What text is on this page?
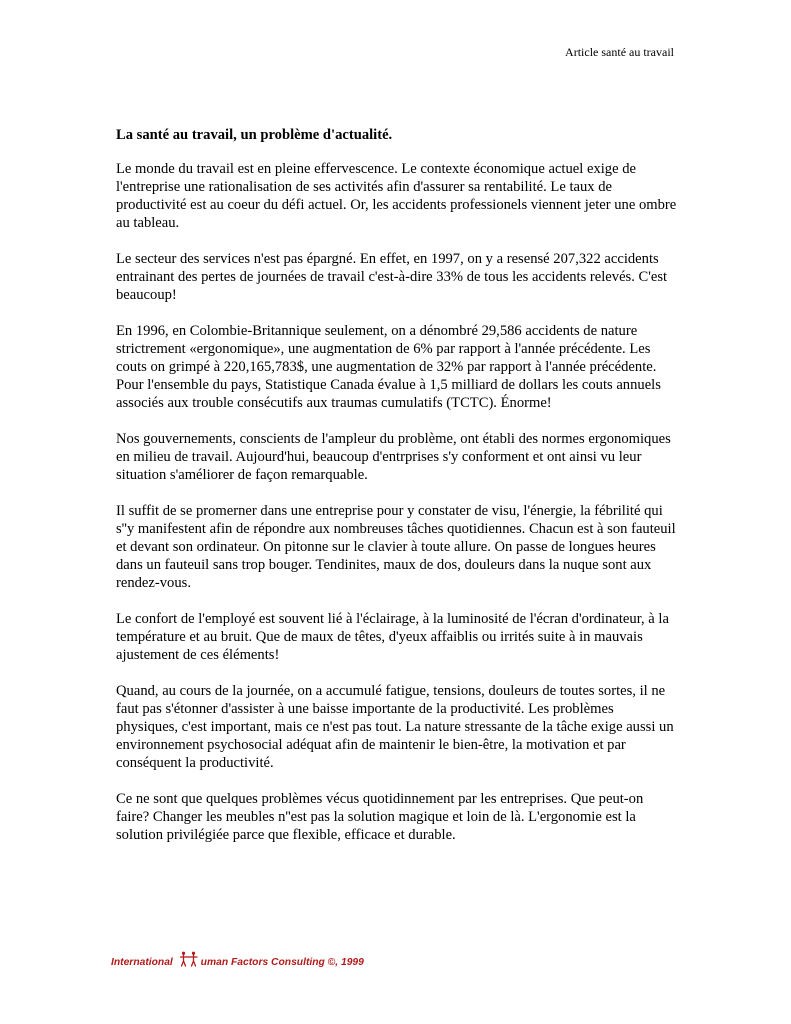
Article santé au travail

La santé au travail, un problème d'actualité.

Le monde du travail est en pleine effervescence. Le contexte économique actuel exige de l'entreprise une rationalisation de ses activités afin d'assurer sa rentabilité. Le taux de productivité est au coeur du défi actuel. Or, les accidents professionels viennent jeter une ombre au tableau.

Le secteur des services n'est pas épargné. En effet, en 1997, on y a resensé 207,322 accidents entrainant des pertes de journées de travail c'est-à-dire 33% de tous les accidents relevés. C'est beaucoup!

En 1996, en Colombie-Britannique seulement, on a dénombré 29,586 accidents de nature strictrement «ergonomique», une augmentation de 6% par rapport à l'année précédente. Les couts on grimpé à 220,165,783$, une augmentation de 32% par rapport à l'année précédente. Pour l'ensemble du pays, Statistique Canada évalue à 1,5 milliard de dollars les couts annuels associés aux trouble consécutifs aux traumas cumulatifs (TCTC). Énorme!

Nos gouvernements, conscients de l'ampleur du problème, ont établi des normes ergonomiques en milieu de travail. Aujourd'hui, beaucoup d'entrprises s'y conforment et ont ainsi vu leur situation s'améliorer de façon remarquable.

Il suffit de se promerner dans une entreprise pour y constater de visu, l'énergie, la fébrilité qui s''y manifestent afin de répondre aux nombreuses tâches quotidiennes. Chacun est à son fauteuil et devant son ordinateur. On pitonne sur le clavier à toute allure. On passe de longues heures dans un fauteuil sans trop bouger. Tendinites, maux de dos, douleurs dans la nuque sont aux rendez-vous.

Le confort de l'employé est souvent lié à l'éclairage, à la luminosité de l'écran d'ordinateur, à la température et au bruit. Que de maux de têtes, d'yeux affaiblis ou irrités suite à in mauvais ajustement de ces éléments!

Quand, au cours de la journée, on a accumulé fatigue, tensions, douleurs de toutes sortes, il ne faut pas s'étonner d'assister à une baisse importante de la productivité. Les problèmes physiques, c'est important, mais ce n'est pas tout. La nature stressante de la tâche exige aussi un environnement psychosocial adéquat afin de maintenir le bien-être, la motivation et par conséquent la productivité.

Ce ne sont que quelques problèmes vécus quotidinnement par les entreprises. Que peut-on faire? Changer les meubles n''est pas la solution magique et loin de là. L'ergonomie est la solution privilégiée parce que flexible, efficace et durable.

International	uman Factors Consulting ©, 1999
